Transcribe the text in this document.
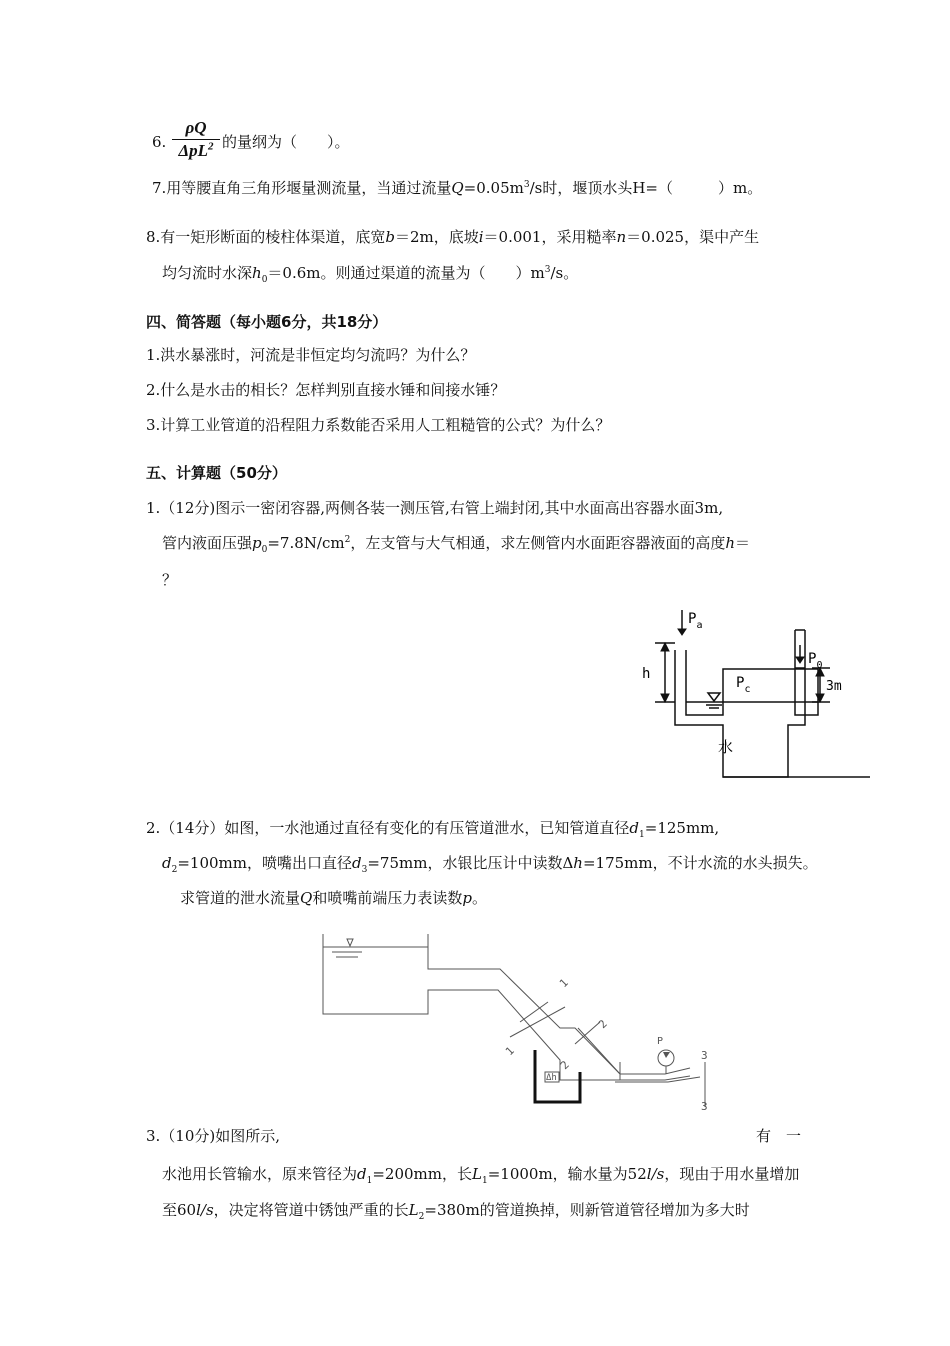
6.
ρQ
ΔpL$^2$ 的量纲为（　　）。
7.用等腰直角三角形堰量测流量，当通过流量$Q=0.05m^3/s$时，堰顶水头H=（　　　）m。
8.有一矩形断面的棱柱体渠道，底宽b＝2m，底坡i＝0.001，采用糙率n＝0.025，渠中产生
均匀流时水深$h_0=0.6m$。则通过渠道的流量为（　　）$m^3/s$。
四、简答题（每小题6分，共18分）
1.洪水暴涨时，河流是非恒定均匀流吗？为什么？
2.什么是水击的相长？怎样判别直接水锤和间接水锤？
3.计算工业管道的沿程阻力系数能否采用人工粗糙管的公式？为什么？
五、计算题（50分）
1.（12分)图示一密闭容器,两侧各装一测压管,右管上端封闭,其中水面高出容器水面3m,
管内液面压强$p_0=7.8N/cm^2$，左支管与大气相通，求左侧管内水面距容器液面的高度h＝
？
$P_a$
$P_0$
$P_c$
h
3m
水
2.（14分）如图，一水池通过直径有变化的有压管道泄水，已知管道直径$d_1=125mm$,
$d_2=100mm$，喷嘴出口直径$d_3=75mm$，水银比压计中读数Δh=175mm，不计水流的水头损失。
求管道的泄水流量Q和喷嘴前端压力表读数p。
1
1
2
2
3
3
P
Δh
3.（10分)如图所示,	有　一
水池用长管输水，原来管径为$d_1=200mm$，长$L_1=1000m$，输水量为52l/s，现由于用水量增加
至60l/s，决定将管道中锈蚀严重的长$L_2=380m$的管道换掉，则新管道管径增加为多大时
